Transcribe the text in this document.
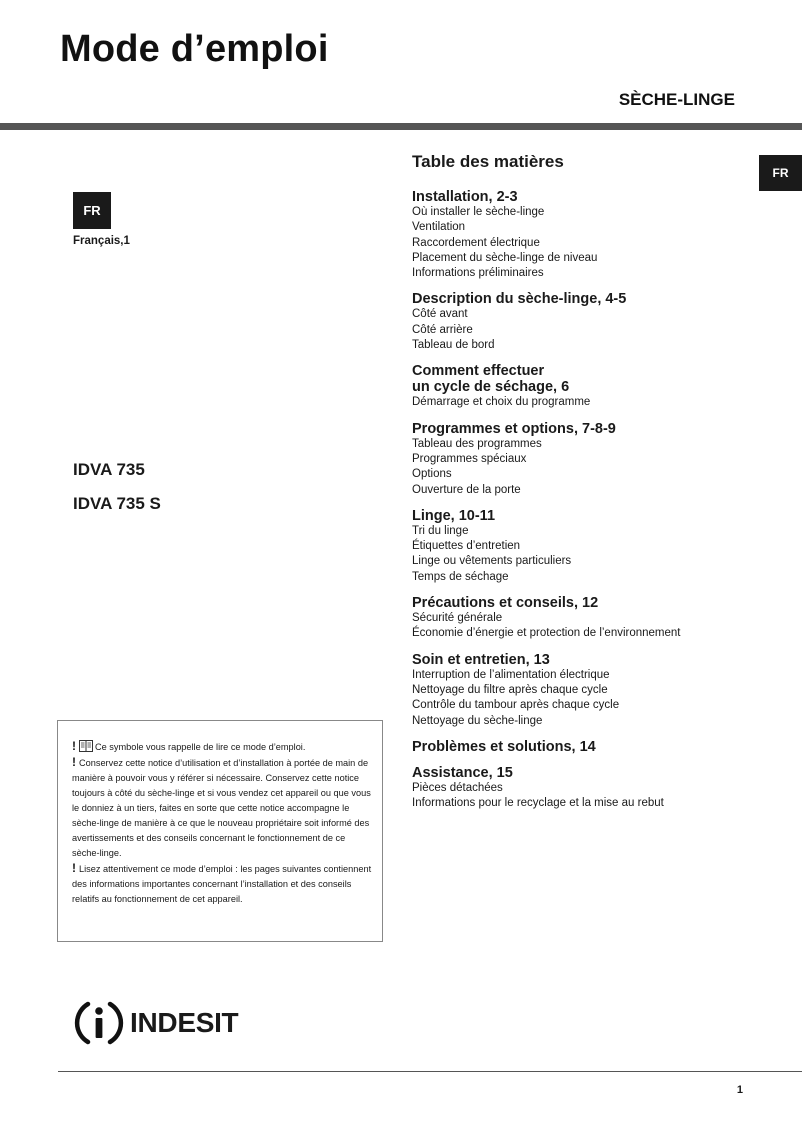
Mode d’emploi
SÈCHE-LINGE
FR
FR
Français,1
IDVA 735
IDVA 735 S
Table des matières

Installation, 2-3

Où installer le sèche-linge

Ventilation

Raccordement électrique

Placement du sèche-linge de niveau

Informations préliminaires

Description du sèche-linge, 4-5

Côté avant

Côté arrière

Tableau de bord

Comment effectuer

un cycle de séchage, 6

Démarrage et choix du programme

Programmes et options, 7-8-9

Tableau des programmes

Programmes spéciaux

Options

Ouverture de la porte

Linge, 10-11

Tri du linge

Étiquettes d’entretien

Linge ou vêtements particuliers

Temps de séchage

Précautions et conseils, 12

Sécurité générale

Économie d’énergie et protection de l’environnement

Soin et entretien, 13

Interruption de l’alimentation électrique

Nettoyage du filtre après chaque cycle

Contrôle du tambour après chaque cycle

Nettoyage du sèche-linge

Problèmes et solutions, 14

Assistance, 15

Pièces détachées

Informations pour le recyclage et la mise au rebut

! Ce symbole vous rappelle de lire ce mode d’emploi.

! Conservez cette notice d’utilisation et d’installation à portée de main de manière à pouvoir vous y référer si nécessaire. Conservez cette notice toujours à côté du sèche-linge et si vous vendez cet appareil ou que vous le donniez à un tiers, faites en sorte que cette notice accompagne le sèche-linge de manière à ce que le nouveau propriétaire soit informé des avertissements et des conseils concernant le fonctionnement de ce sèche-linge.

! Lisez attentivement ce mode d’emploi : les pages suivantes contiennent des informations importantes concernant l’installation et des conseils relatifs au fonctionnement de cet appareil.

INDESIT
1
